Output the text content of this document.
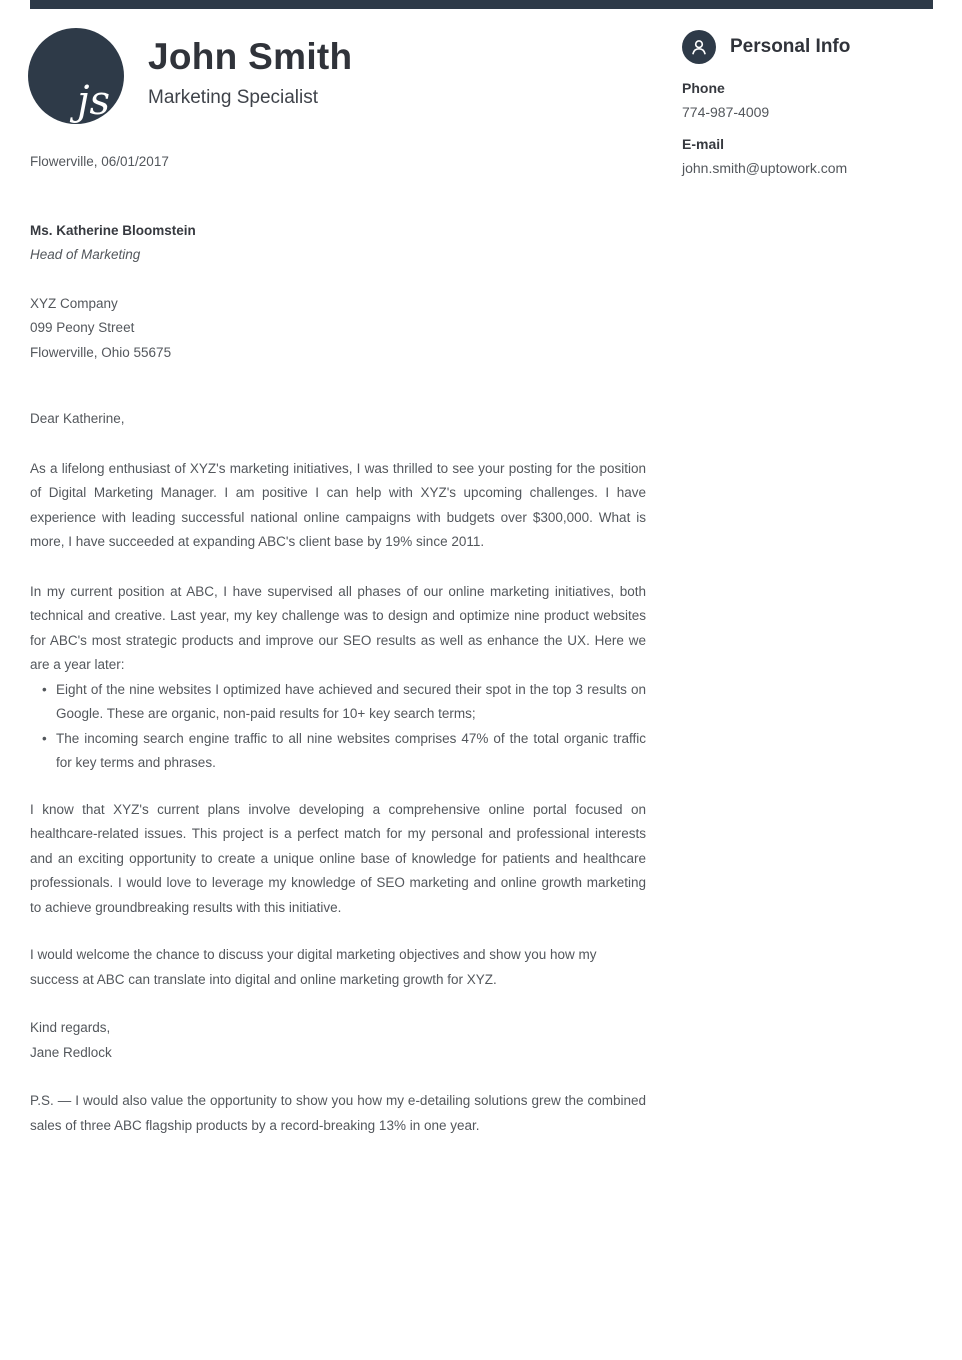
js
John Smith
Marketing Specialist
Personal Info
Phone
774-987-4009
E-mail
john.smith@uptowork.com
Flowerville, 06/01/2017
Ms. Katherine Bloomstein
Head of Marketing
XYZ Company
099 Peony Street
Flowerville, Ohio 55675
Dear Katherine,
As a lifelong enthusiast of XYZ's marketing initiatives, I was thrilled to see your posting for the position of Digital Marketing Manager. I am positive I can help with XYZ's upcoming challenges. I have experience with leading successful national online campaigns with budgets over $300,000. What is more, I have succeeded at expanding ABC's client base by 19% since 2011.
In my current position at ABC, I have supervised all phases of our online marketing initiatives, both technical and creative. Last year, my key challenge was to design and optimize nine product websites for ABC's most strategic products and improve our SEO results as well as enhance the UX. Here we are a year later:
• Eight of the nine websites I optimized have achieved and secured their spot in the top 3 results on Google. These are organic, non-paid results for 10+ key search terms;
• The incoming search engine traffic to all nine websites comprises 47% of the total organic traffic for key terms and phrases.
I know that XYZ's current plans involve developing a comprehensive online portal focused on healthcare-related issues. This project is a perfect match for my personal and professional interests and an exciting opportunity to create a unique online base of knowledge for patients and healthcare professionals. I would love to leverage my knowledge of SEO marketing and online growth marketing to achieve groundbreaking results with this initiative.
I would welcome the chance to discuss your digital marketing objectives and show you how my success at ABC can translate into digital and online marketing growth for XYZ.
Kind regards,
Jane Redlock
P.S. — I would also value the opportunity to show you how my e-detailing solutions grew the combined sales of three ABC flagship products by a record-breaking 13% in one year.
